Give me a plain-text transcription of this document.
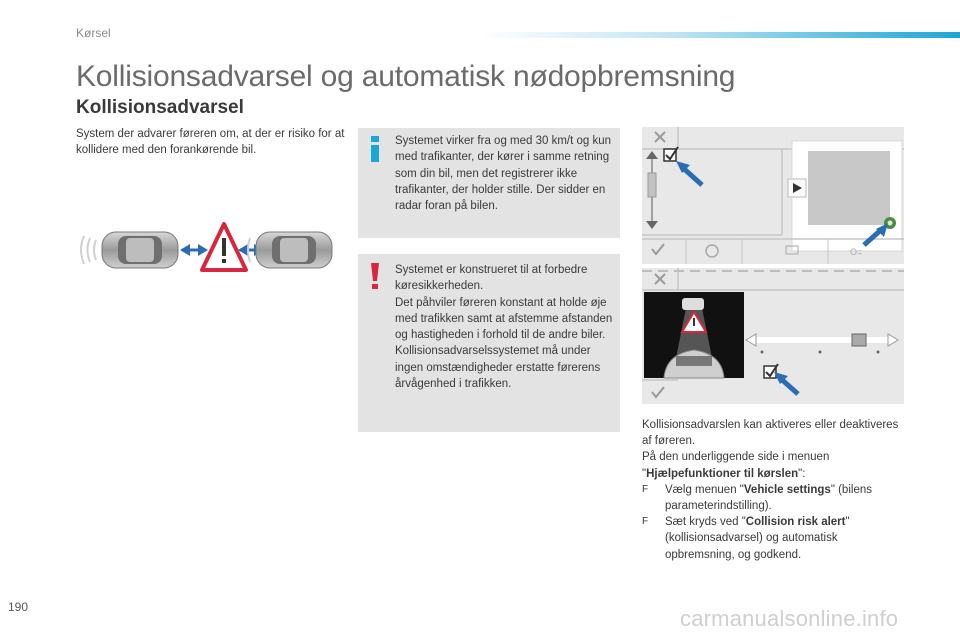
Kørsel
Kollisionsadvarsel og automatisk nødopbremsning
Kollisionsadvarsel
System der advarer føreren om, at der er risiko for at kollidere med den forankørende bil.
Systemet virker fra og med 30 km/t og kun med trafikanter, der kører i samme retning som din bil, men det registrerer ikke trafikanter, der holder stille. Der sidder en radar foran på bilen.

Systemet er konstrueret til at forbedre køresikkerheden.

Det påhviler føreren konstant at holde øje med trafikken samt at afstemme afstanden og hastigheden i forhold til de andre biler.

Kollisionsadvarselssystemet må under ingen omstændigheder erstatte førerens årvågenhed i trafikken.

O=

Kollisionsadvarslen kan aktiveres eller deaktiveres af føreren.

På den underliggende side i menuen "Hjælpefunktioner til kørslen":

F Vælg menuen "Vehicle settings" (bilens parameterindstilling).

F Sæt kryds ved "Collision risk alert" (kollisionsadvarsel) og automatisk opbremsning, og godkend.

190	carmanualsonline.info
